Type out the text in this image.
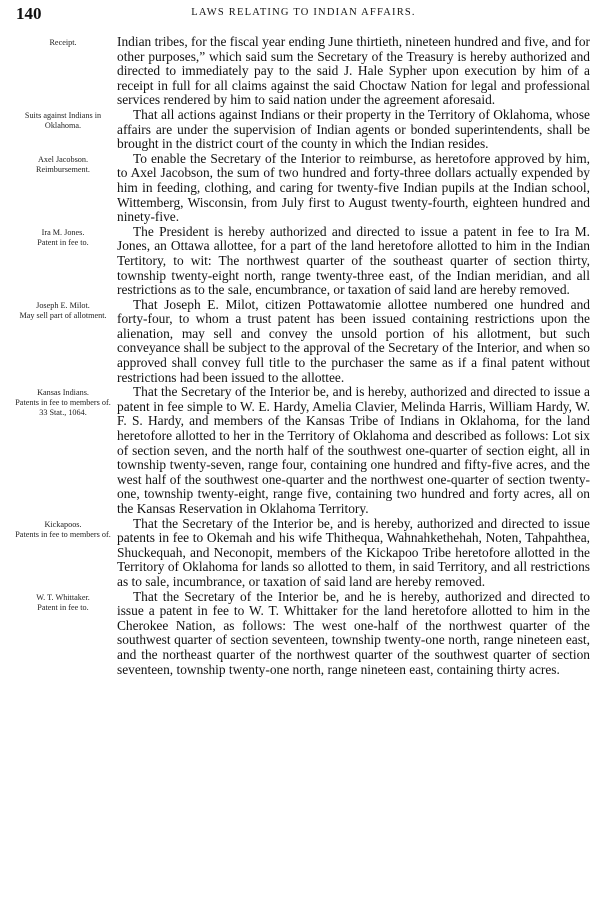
140	LAWS RELATING TO INDIAN AFFAIRS.
Receipt.	Indian tribes, for the fiscal year ending June thirtieth, nineteen hundred and five, and for other purposes,” which said sum the Secretary of the Treasury is hereby authorized and directed to immediately pay to the said J. Hale Sypher upon execution by him of a receipt in full for all claims against the said Choctaw Nation for legal and professional services rendered by him to said nation under the agreement aforesaid.

Suits against Indians in Oklahoma.

That all actions against Indians or their property in the Territory of Oklahoma, whose affairs are under the supervision of Indian agents or bonded superintendents, shall be brought in the district court of the county in which the Indian resides.

Axel Jacobson.
Reimbursement.

To enable the Secretary of the Interior to reimburse, as heretofore approved by him, to Axel Jacobson, the sum of two hundred and forty-three dollars actually expended by him in feeding, clothing, and caring for twenty-five Indian pupils at the Indian school, Wittemberg, Wisconsin, from July first to August twenty-fourth, eighteen hundred and ninety-five.

Ira M. Jones.
Patent in fee to.

The President is hereby authorized and directed to issue a patent in fee to Ira M. Jones, an Ottawa allottee, for a part of the land heretofore allotted to him in the Indian Tertitory, to wit: The northwest quarter of the southeast quarter of section thirty, township twenty-eight north, range twenty-three east, of the Indian meridian, and all restrictions as to the sale, encumbrance, or taxation of said land are hereby removed.

Joseph E. Milot.
May sell part of allotment.

That Joseph E. Milot, citizen Pottawatomie allottee numbered one hundred and forty-four, to whom a trust patent has been issued containing restrictions upon the alienation, may sell and convey the unsold portion of his allotment, but such conveyance shall be subject to the approval of the Secretary of the Interior, and when so approved shall convey full title to the purchaser the same as if a final patent without restrictions had been issued to the allottee.

Kansas Indians.
Patents in fee to members of.
33 Stat., 1064.

That the Secretary of the Interior be, and is hereby, authorized and directed to issue a patent in fee simple to W. E. Hardy, Amelia Clavier, Melinda Harris, William Hardy, W. F. S. Hardy, and members of the Kansas Tribe of Indians in Oklahoma, for the land heretofore allotted to her in the Territory of Oklahoma and described as follows: Lot six of section seven, and the north half of the southwest one-quarter of section eight, all in township twenty-seven, range four, containing one hundred and fifty-five acres, and the west half of the southwest one-quarter and the northwest one-quarter of section twenty-one, township twenty-eight, range five, containing two hundred and forty acres, all on the Kansas Reservation in Oklahoma Territory.

Kickapoos.
Patents in fee to members of.

That the Secretary of the Interior be, and is hereby, authorized and directed to issue patents in fee to Okemah and his wife Thithequa, Wahnahkethehah, Noten, Tahpahthea, Shuckequah, and Neconopit, members of the Kickapoo Tribe heretofore allotted in the Territory of Oklahoma for lands so allotted to them, in said Territory, and all restrictions as to sale, incumbrance, or taxation of said land are hereby removed.

W. T. Whittaker.
Patent in fee to.

That the Secretary of the Interior be, and he is hereby, authorized and directed to issue a patent in fee to W. T. Whittaker for the land heretofore allotted to him in the Cherokee Nation, as follows: The west one-half of the northwest quarter of the southwest quarter of section seventeen, township twenty-one north, range nineteen east, and the northeast quarter of the northwest quarter of the southwest quarter of section seventeen, township twenty-one north, range nineteen east, containing thirty acres.
